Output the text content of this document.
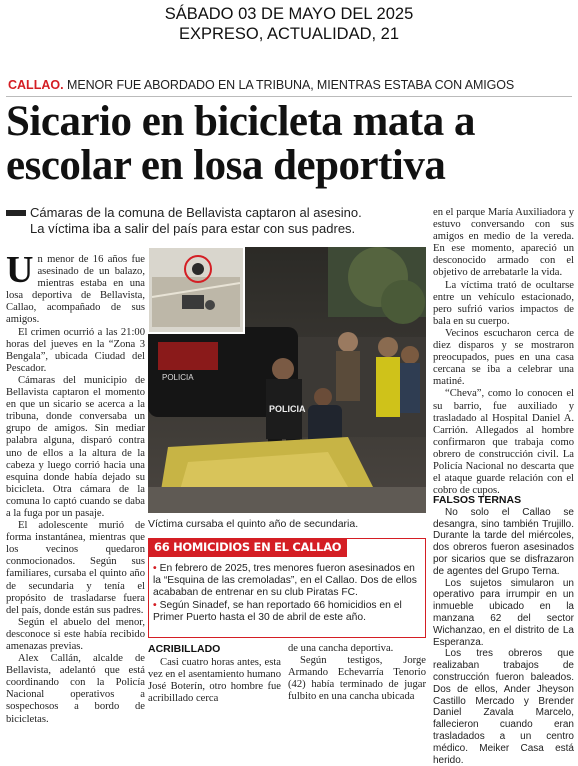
SÁBADO 03 DE MAYO DEL 2025
EXPRESO, ACTUALIDAD, 21
CALLAO. MENOR FUE ABORDADO EN LA TRIBUNA, MIENTRAS ESTABA CON AMIGOS
Sicario en bicicleta mata a
escolar en losa deportiva
Cámaras de la comuna de Bellavista captaron al asesino.
La víctima iba a salir del país para estar con sus padres.

Un menor de 16 años fue asesinado de un balazo, mientras estaba en una losa deportiva de Bellavista, Callao, acompañado de sus amigos.

El crimen ocurrió a las 21:00 horas del jueves en la “Zona 3 Bengala”, ubicada Ciudad del Pescador.

Cámaras del municipio de Bellavista captaron el momento en que un sicario se acerca a la tribuna, donde conversaba un grupo de amigos. Sin mediar palabra alguna, disparó contra uno de ellos a la altura de la cabeza y luego corrió hacia una esquina donde había dejado su bicicleta. Otra cámara de la comuna lo captó cuando se daba a la fuga por un pasaje.

El adolescente murió de forma instantánea, mientras que los vecinos quedaron conmocionados. Según sus familiares, cursaba el quinto año de secundaria y tenía el propósito de trasladarse fuera del país, donde están sus padres.

Según el abuelo del menor, desconoce si este había recibido amenazas previas.

Alex Callán, alcalde de Bellavista, adelantó que está coordinando con la Policía Nacional operativos a sospechosos a bordo de bicicletas.

POLICIA
POLICIA
Víctima cursaba el quinto año de secundaria.
66 HOMICIDIOS EN EL CALLAO
• En febrero de 2025, tres menores fueron asesinados en la “Esquina de las cremoladas”, en el Callao. Dos de ellos acababan de entrenar en su club Piratas FC.
• Según Sinadef, se han reportado 66 homicidios en el Primer Puerto hasta el 30 de abril de este año.

ACRIBILLADO

Casi cuatro horas antes, esta vez en el asentamiento humano José Boterín, otro hombre fue acribillado cerca

de una cancha deportiva.

Según testigos, Jorge Armando Echevarría Tenorio (42) había terminado de jugar fulbito en una cancha ubicada

en el parque María Auxiliadora y estuvo conversando con sus amigos en medio de la vereda. En ese momento, apareció un desconocido armado con el objetivo de arrebatarle la vida.

La víctima trató de ocultarse entre un vehículo estacionado, pero sufrió varios impactos de bala en su cuerpo.

Vecinos escucharon cerca de diez disparos y se mostraron preocupados, pues en una casa cercana se iba a celebrar una matiné.

“Cheva”, como lo conocen el su barrio, fue auxiliado y trasladado al Hospital Daniel A. Carrión. Allegados al hombre confirmaron que trabaja como obrero de construcción civil. La Policía Nacional no descarta que el ataque guarde relación con el cobro de cupos.

FALSOS TERNAS

No solo el Callao se desangra, sino también Trujillo. Durante la tarde del miércoles, dos obreros fueron asesinados por sicarios que se disfrazaron de agentes del Grupo Terna.

Los sujetos simularon un operativo para irrumpir en un inmueble ubicado en la manzana 62 del sector Wichanzao, en el distrito de La Esperanza.

Los tres obreros que realizaban trabajos de construcción fueron baleados. Dos de ellos, Ander Jheyson Castillo Mercado y Brender Daniel Zavala Marcelo, fallecieron cuando eran trasladados a un centro médico. Meiker Casa está herido.
